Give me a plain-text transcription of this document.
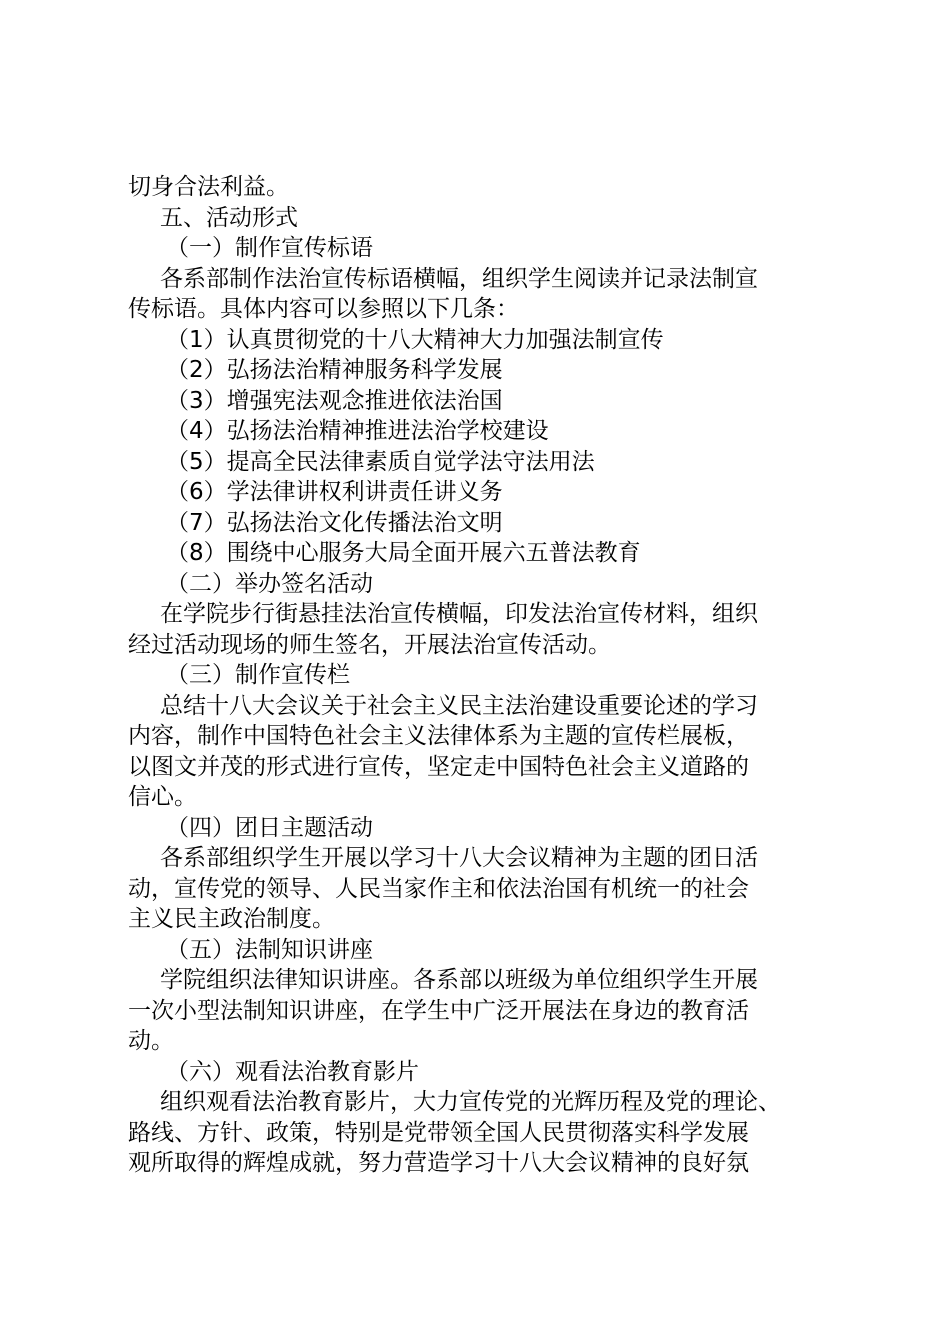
切身合法利益。
五、活动形式
（一）制作宣传标语
各系部制作法治宣传标语横幅，组织学生阅读并记录法制宣
传标语。具体内容可以参照以下几条：
（1）认真贯彻党的十八大精神大力加强法制宣传
（2）弘扬法治精神服务科学发展
（3）增强宪法观念推进依法治国
（4）弘扬法治精神推进法治学校建设
（5）提高全民法律素质自觉学法守法用法
（6）学法律讲权利讲责任讲义务
（7）弘扬法治文化传播法治文明
（8）围绕中心服务大局全面开展六五普法教育
（二）举办签名活动
在学院步行街悬挂法治宣传横幅，印发法治宣传材料，组织
经过活动现场的师生签名，开展法治宣传活动。
（三）制作宣传栏
总结十八大会议关于社会主义民主法治建设重要论述的学习
内容，制作中国特色社会主义法律体系为主题的宣传栏展板，
以图文并茂的形式进行宣传，坚定走中国特色社会主义道路的
信心。
（四）团日主题活动
各系部组织学生开展以学习十八大会议精神为主题的团日活
动，宣传党的领导、人民当家作主和依法治国有机统一的社会
主义民主政治制度。
（五）法制知识讲座
学院组织法律知识讲座。各系部以班级为单位组织学生开展
一次小型法制知识讲座，在学生中广泛开展法在身边的教育活
动。
（六）观看法治教育影片
组织观看法治教育影片，大力宣传党的光辉历程及党的理论、
路线、方针、政策，特别是党带领全国人民贯彻落实科学发展
观所取得的辉煌成就，努力营造学习十八大会议精神的良好氛
